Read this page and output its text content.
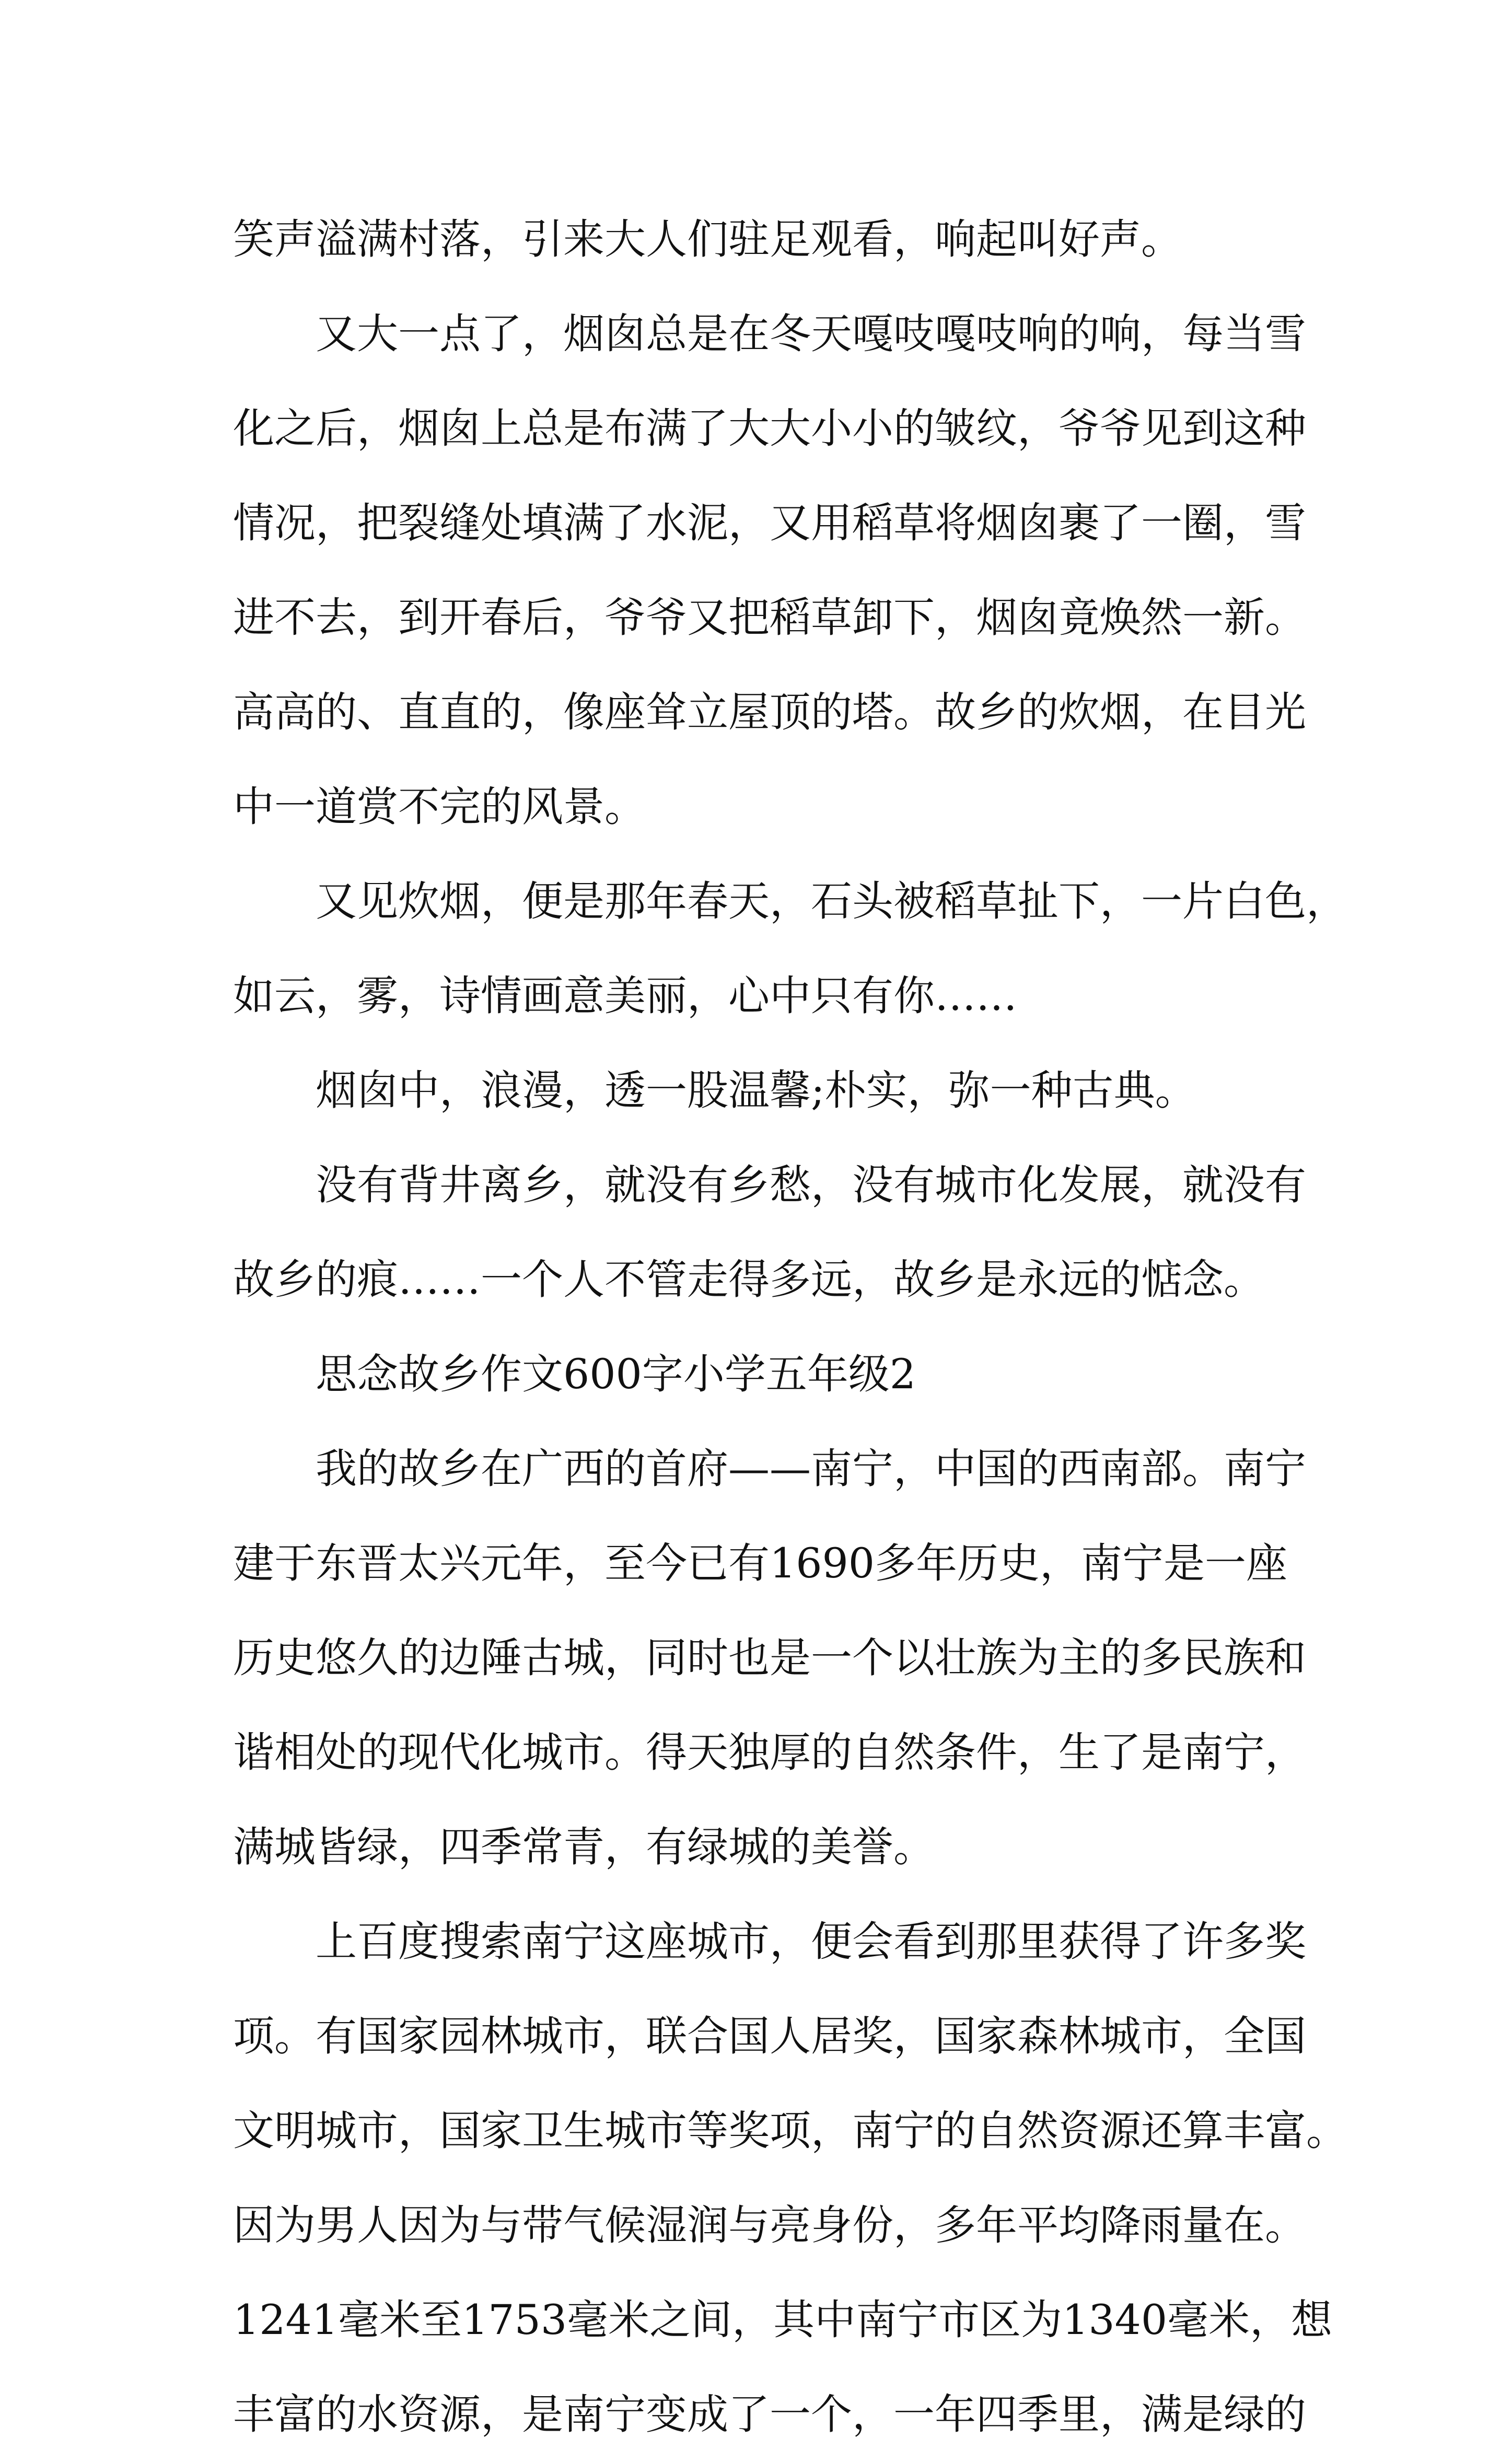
笑声溢满村落，引来大人们驻足观看，响起叫好声。
又大一点了，烟囱总是在冬天嘎吱嘎吱响的响，每当雪
化之后，烟囱上总是布满了大大小小的皱纹，爷爷见到这种
情况，把裂缝处填满了水泥，又用稻草将烟囱裹了一圈，雪
进不去，到开春后，爷爷又把稻草卸下，烟囱竟焕然一新。
高高的、直直的，像座耸立屋顶的塔。故乡的炊烟，在目光
中一道赏不完的风景。
又见炊烟，便是那年春天，石头被稻草扯下，一片白色，
如云，雾，诗情画意美丽，心中只有你……
烟囱中，浪漫，透一股温馨;朴实，弥一种古典。
没有背井离乡，就没有乡愁，没有城市化发展，就没有
故乡的痕……一个人不管走得多远，故乡是永远的惦念。
思念故乡作文600字小学五年级2
我的故乡在广西的首府——南宁，中国的西南部。南宁
建于东晋太兴元年，至今已有1690多年历史，南宁是一座
历史悠久的边陲古城，同时也是一个以壮族为主的多民族和
谐相处的现代化城市。得天独厚的自然条件，生了是南宁，
满城皆绿，四季常青，有绿城的美誉。
上百度搜索南宁这座城市，便会看到那里获得了许多奖
项。有国家园林城市，联合国人居奖，国家森林城市，全国
文明城市，国家卫生城市等奖项，南宁的自然资源还算丰富。
因为男人因为与带气候湿润与亮身份，多年平均降雨量在。
1241毫米至1753毫米之间，其中南宁市区为1340毫米，想
丰富的水资源，是南宁变成了一个，一年四季里，满是绿的
